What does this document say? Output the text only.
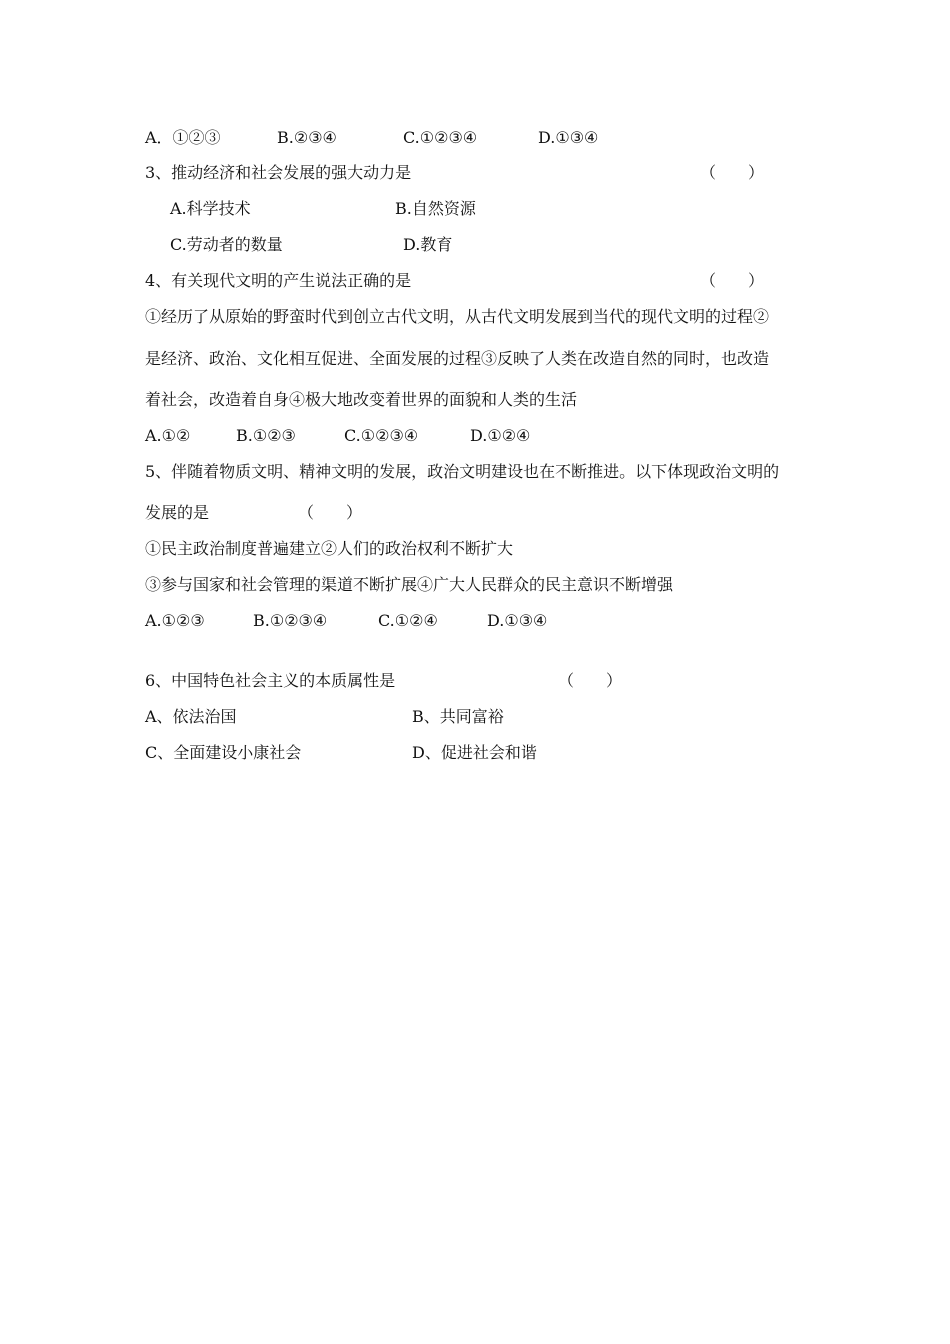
A．①②③	B.②③④	C.①②③④	D.①③④
3、推动经济和社会发展的强大动力是	（　　）
A.科学技术	B.自然资源
C.劳动者的数量	D.教育
4、有关现代文明的产生说法正确的是	（　　）
①经历了从原始的野蛮时代到创立古代文明，从古代文明发展到当代的现代文明的过程②
是经济、政治、文化相互促进、全面发展的过程③反映了人类在改造自然的同时，也改造
着社会，改造着自身④极大地改变着世界的面貌和人类的生活
A.①②	B.①②③	C.①②③④	D.①②④
5、伴随着物质文明、精神文明的发展，政治文明建设也在不断推进。以下体现政治文明的
发展的是	（　　）
①民主政治制度普遍建立②人们的政治权利不断扩大
③参与国家和社会管理的渠道不断扩展④广大人民群众的民主意识不断增强
A.①②③	B.①②③④	C.①②④	D.①③④
6、中国特色社会主义的本质属性是	（　　）
A、依法治国	B、共同富裕
C、全面建设小康社会	D、促进社会和谐
